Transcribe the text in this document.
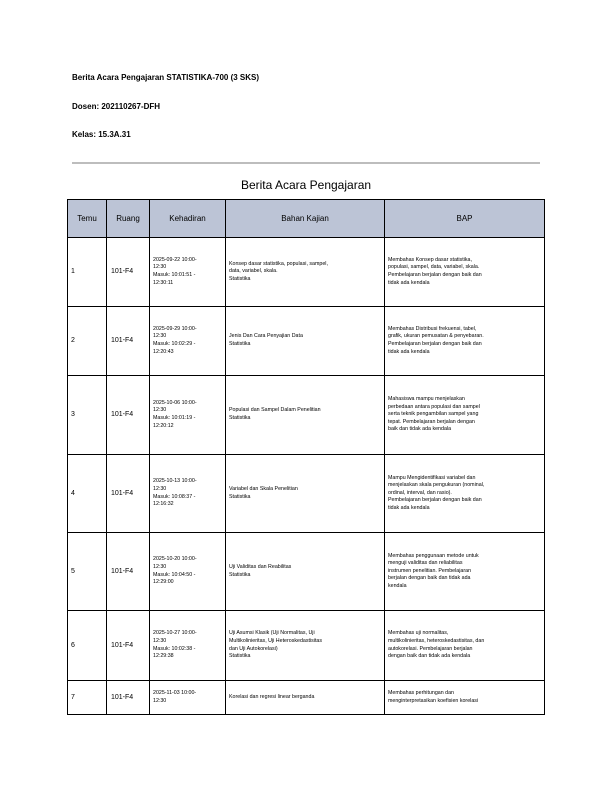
Berita Acara Pengajaran STATISTIKA-700 (3 SKS)
Dosen: 202110267-DFH
Kelas: 15.3A.31
Berita Acara Pengajaran
Temu	Ruang	Kehadiran	Bahan Kajian	BAP
1	101-F4	2025-09-22 10:00-
12:30
Masuk: 10:01:51 -
12:30:11	Konsep dasar statistika, populasi, sampel,
data, variabel, skala.
Statistika	Membahas Konsep dasar statistika,
populasi, sampel, data, variabel, skala.
Pembelajaran berjalan dengan baik dan
tidak ada kendala

2	101-F4	2025-09-29 10:00-
12:30
Masuk: 10:02:29 -
12:20:43	Jenis Dan Cara Penyajian Data
Statistika	Membahas Distribusi frekuensi, tabel,
grafik, ukuran pemusatan & penyebaran.
Pembelajaran berjalan dengan baik dan
tidak ada kendala

3	101-F4	2025-10-06 10:00-
12:30
Masuk: 10:01:19 -
12:20:12	Populasi dan Sampel Dalam Penelitian
Statistika	Mahasiswa mampu menjelaskan
perbedaan antara populasi dan sampel
serta teknik pengambilan sampel yang
tepat. Pembelajaran berjalan dengan
baik dan tidak ada kendala

4	101-F4	2025-10-13 10:00-
12:30
Masuk: 10:08:37 -
12:16:32	Variabel dan Skala Penelitian
Statistika	Mampu Mengidentifikasi variabel dan
menjelaskan skala pengukuran (nominal,
ordinal, interval, dan rasio).
Pembelajaran berjalan dengan baik dan
tidak ada kendala

5	101-F4	2025-10-20 10:00-
12:30
Masuk: 10:04:50 -
12:29:00	Uji Validitas dan Reabilitas
Statistika	Membahas penggunaan metode untuk
menguji validitas dan reliabilitas
instrumen penelitian. Pembelajaran
berjalan dengan baik dan tidak ada
kendala

6	101-F4	2025-10-27 10:00-
12:30
Masuk: 10:02:38 -
12:29:38	Uji Asumsi Klasik (Uji Normalitas, Uji
Multikolinieritas, Uji Heteroskedastisitas
dan Uji Autokorelasi)
Statistika	Membahas uji normalitas,
multikolinieritas, heteroskedastisitas, dan
autokorelasi. Pembelajaran berjalan
dengan baik dan tidak ada kendala

7	101-F4	2025-11-03 10:00-
12:30	Korelasi dan regresi linear berganda	Membahas perhitungan dan
menginterpretasikan koefisien korelasi
